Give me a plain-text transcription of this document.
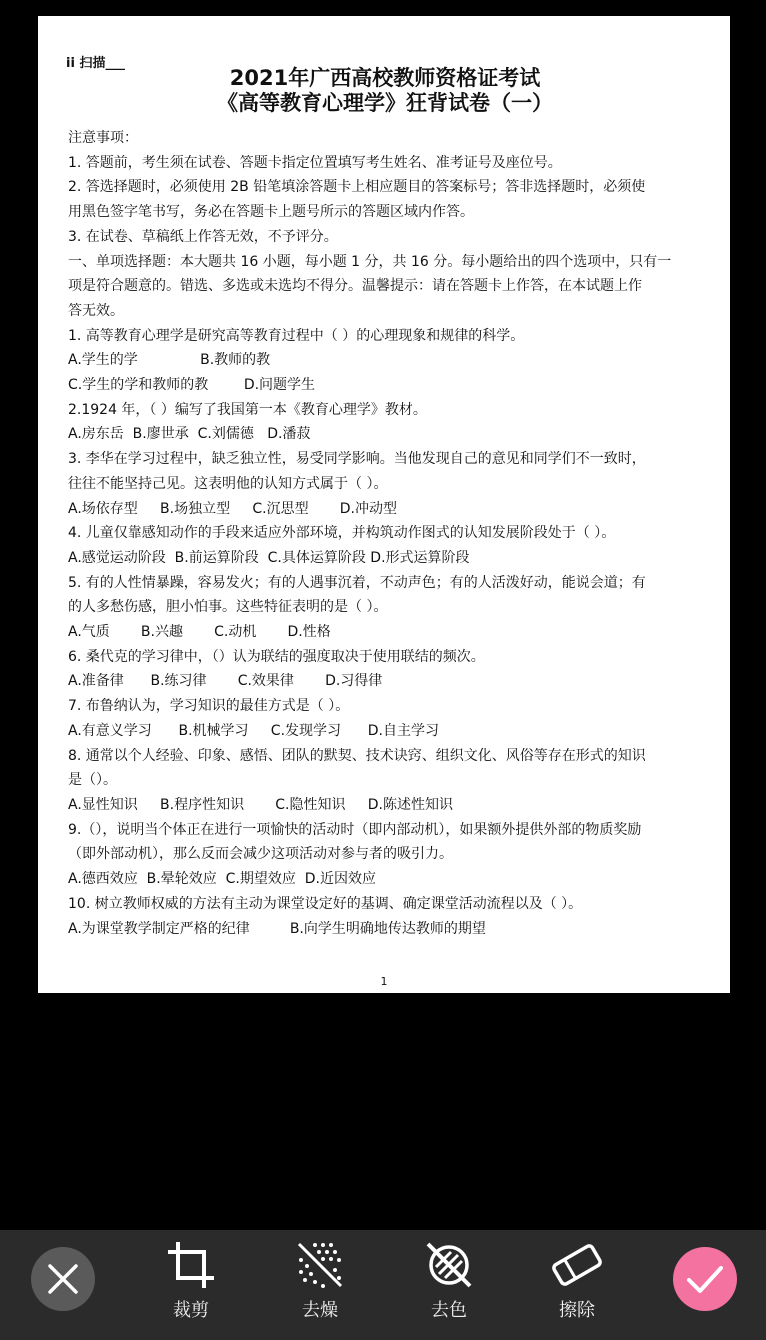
ii 扫描___
2021年广西高校教师资格证考试
《高等教育心理学》狂背试卷（一）
注意事项：
1. 答题前，考生须在试卷、答题卡指定位置填写考生姓名、准考证号及座位号。
2. 答选择题时，必须使用 2B 铅笔填涂答题卡上相应题目的答案标号；答非选择题时，必须使
用黑色签字笔书写，务必在答题卡上题号所示的答题区域内作答。
3. 在试卷、草稿纸上作答无效，不予评分。
一、单项选择题：本大题共 16 小题，每小题 1 分，共 16 分。每小题给出的四个选项中，只有一
项是符合题意的。错选、多选或未选均不得分。温馨提示：请在答题卡上作答，在本试题上作
答无效。
1. 高等教育心理学是研究高等教育过程中（ ）的心理现象和规律的科学。
A.学生的学              B.教师的教
C.学生的学和教师的教        D.问题学生
2.1924 年，（ ）编写了我国第一本《教育心理学》教材。
A.房东岳  B.廖世承  C.刘儒德   D.潘菽
3. 李华在学习过程中，缺乏独立性，易受同学影响。当他发现自己的意见和同学们不一致时，
往往不能坚持己见。这表明他的认知方式属于（ ）。
A.场依存型     B.场独立型     C.沉思型       D.冲动型
4. 儿童仅靠感知动作的手段来适应外部环境，并构筑动作图式的认知发展阶段处于（ ）。
A.感觉运动阶段  B.前运算阶段  C.具体运算阶段 D.形式运算阶段
5. 有的人性情暴躁，容易发火；有的人遇事沉着，不动声色；有的人活泼好动，能说会道；有
的人多愁伤感，胆小怕事。这些特征表明的是（ ）。
A.气质       B.兴趣       C.动机       D.性格
6. 桑代克的学习律中，（）认为联结的强度取决于使用联结的频次。
A.准备律      B.练习律       C.效果律       D.习得律
7. 布鲁纳认为，学习知识的最佳方式是（ ）。
A.有意义学习      B.机械学习     C.发现学习      D.自主学习
8. 通常以个人经验、印象、感悟、团队的默契、技术诀窍、组织文化、风俗等存在形式的知识
是（）。
A.显性知识     B.程序性知识       C.隐性知识     D.陈述性知识
9.（），说明当个体正在进行一项愉快的活动时（即内部动机），如果额外提供外部的物质奖励
（即外部动机），那么反而会减少这项活动对参与者的吸引力。
A.德西效应  B.晕轮效应  C.期望效应  D.近因效应
10. 树立教师权威的方法有主动为课堂设定好的基调、确定课堂活动流程以及（ ）。
A.为课堂教学制定严格的纪律         B.向学生明确地传达教师的期望
1
裁剪	去燥	去色	擦除
